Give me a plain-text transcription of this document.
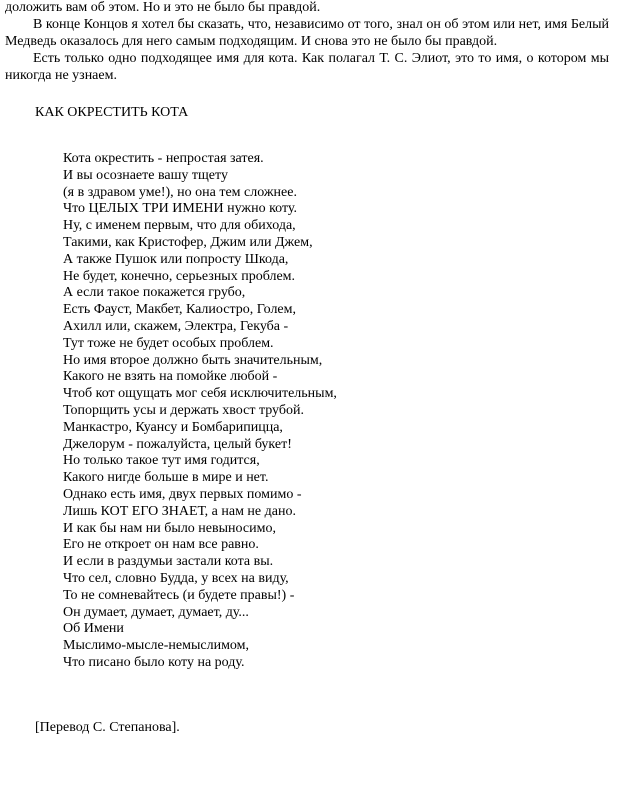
доложить вам об этом. Но и это не было бы правдой.

В конце Концов я хотел бы сказать, что, независимо от того, знал он об этом или нет, имя Белый Медведь оказалось для него самым подходящим. И снова это не было бы правдой.

Есть только одно подходящее имя для кота. Как полагал Т. С. Элиот, это то имя, о котором мы никогда не узнаем.

КАК ОКРЕСТИТЬ КОТА
Кота окрестить - непростая затея.
И вы осознаете вашу тщету
(я в здравом уме!), но она тем сложнее.
Что ЦЕЛЫХ ТРИ ИМЕНИ нужно коту.
Ну, с именем первым, что для обихода,
Такими, как Кристофер, Джим или Джем,
А также Пушок или попросту Шкода,
Не будет, конечно, серьезных проблем.
А если такое покажется грубо,
Есть Фауст, Макбет, Калиостро, Голем,
Ахилл или, скажем, Электра, Гекуба -
Тут тоже не будет особых проблем.
Но имя второе должно быть значительным,
Какого не взять на помойке любой -
Чтоб кот ощущать мог себя исключительным,
Топорщить усы и держать хвост трубой.
Манкастро, Куансу и Бомбарипицца,
Джелорум - пожалуйста, целый букет!
Но только такое тут имя годится,
Какого нигде больше в мире и нет.
Однако есть имя, двух первых помимо -
Лишь КОТ ЕГО ЗНАЕТ, а нам не дано.
И как бы нам ни было невыносимо,
Его не откроет он нам все равно.
И если в раздумьи застали кота вы.
Что сел, словно Будда, у всех на виду,
То не сомневайтесь (и будете правы!) -
Он думает, думает, думает, ду...
Об Имени
Мыслимо-мысле-немыслимом,
Что писано было коту на роду.

[Перевод С. Степанова].
